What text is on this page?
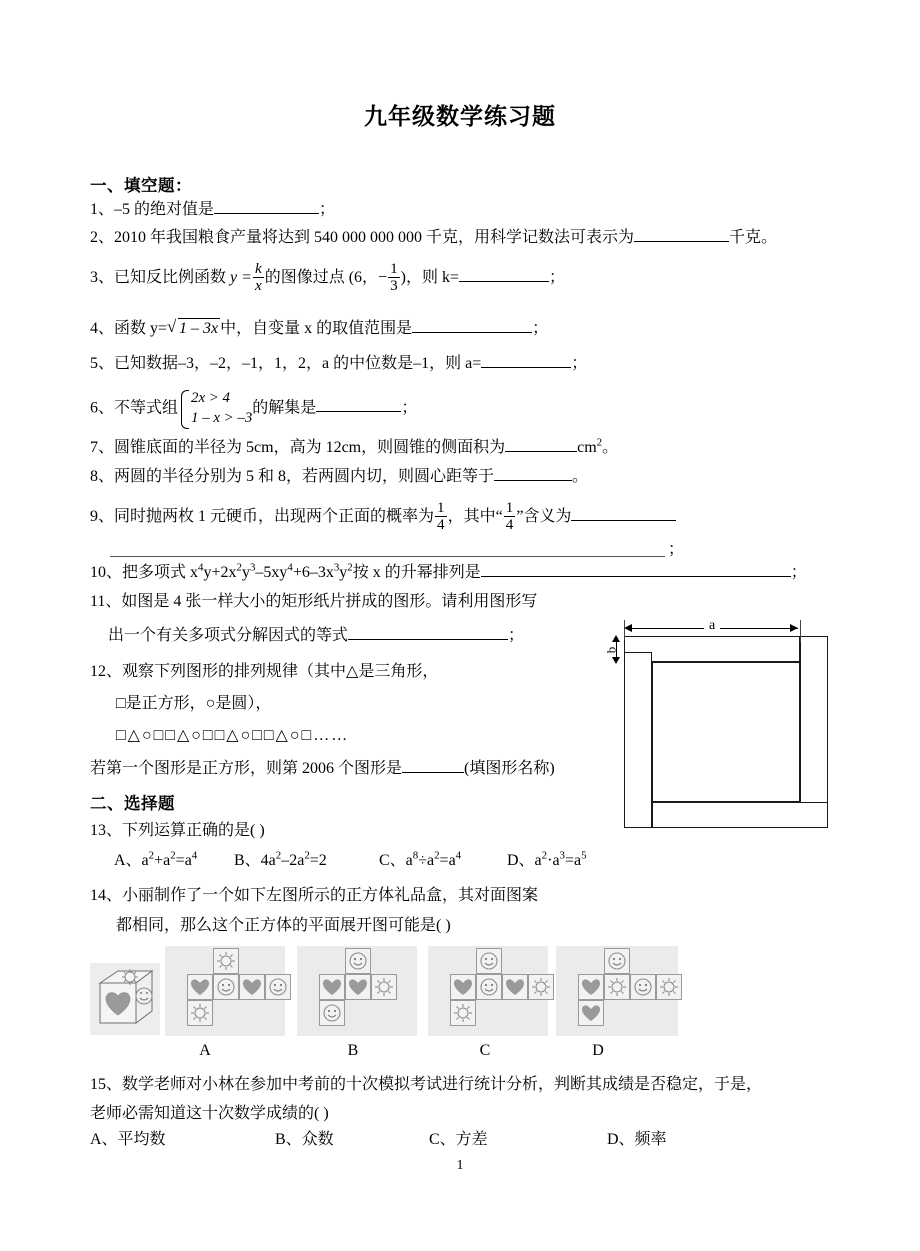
九年级数学练习题
一、填空题：
1、–5 的绝对值是	；
2、2010 年我国粮食产量将达到 540 000 000 000 千克，用科学记数法可表示为	千克。
3、已知反比例函数 $y = \frac{k}{x}$ 的图像过点 (6，− $\frac{1}{3}$ )，则 k=	；
4、函数 y= √ 1 – 3x 中，自变量 x 的取值范围是	；
5、已知数据–3，–2，–1，1，2，a 的中位数是–1，则 a=	；
6、不等式组
2x > 4
1 – x > –3
的解集是	；
7、圆锥底面的半径为 5cm，高为 12cm，则圆锥的侧面积为	$cm^2$。
8、两圆的半径分别为 5 和 8，若两圆内切，则圆心距等于	。
9、同时抛两枚 1 元硬币，出现两个正面的概率为 $\frac{1}{4}$ ，其中“ $\frac{1}{4}$ ”含义为
；
10、把多项式 $x^4y+2x^2y^3-5xy^4+6-3x^3y^2$按 x 的升幂排列是	；
11、如图是 4 张一样大小的矩形纸片拼成的图形。请利用图形写
出一个有关多项式分解因式的等式	；
a
b
12、观察下列图形的排列规律（其中△是三角形，
□是正方形，○是圆），
□△○□□△○□□△○□□△○□……
若第一个图形是正方形，则第 2006 个图形是	(填图形名称)
二、选择题
13、下列运算正确的是( )
A、$a^2+a^2=a^4$ B、$4a^2-2a^2=2$	C、$a^8\div a^2=a^4$	D、$a^2\cdot a^3=a^5$
14、小丽制作了一个如下左图所示的正方体礼品盒，其对面图案
都相同，那么这个正方体的平面展开图可能是( )
A	B	C	D
15、数学老师对小林在参加中考前的十次模拟考试进行统计分析，判断其成绩是否稳定，于是，
老师必需知道这十次数学成绩的( )
A、平均数	B、众数	C、方差	D、频率
1
